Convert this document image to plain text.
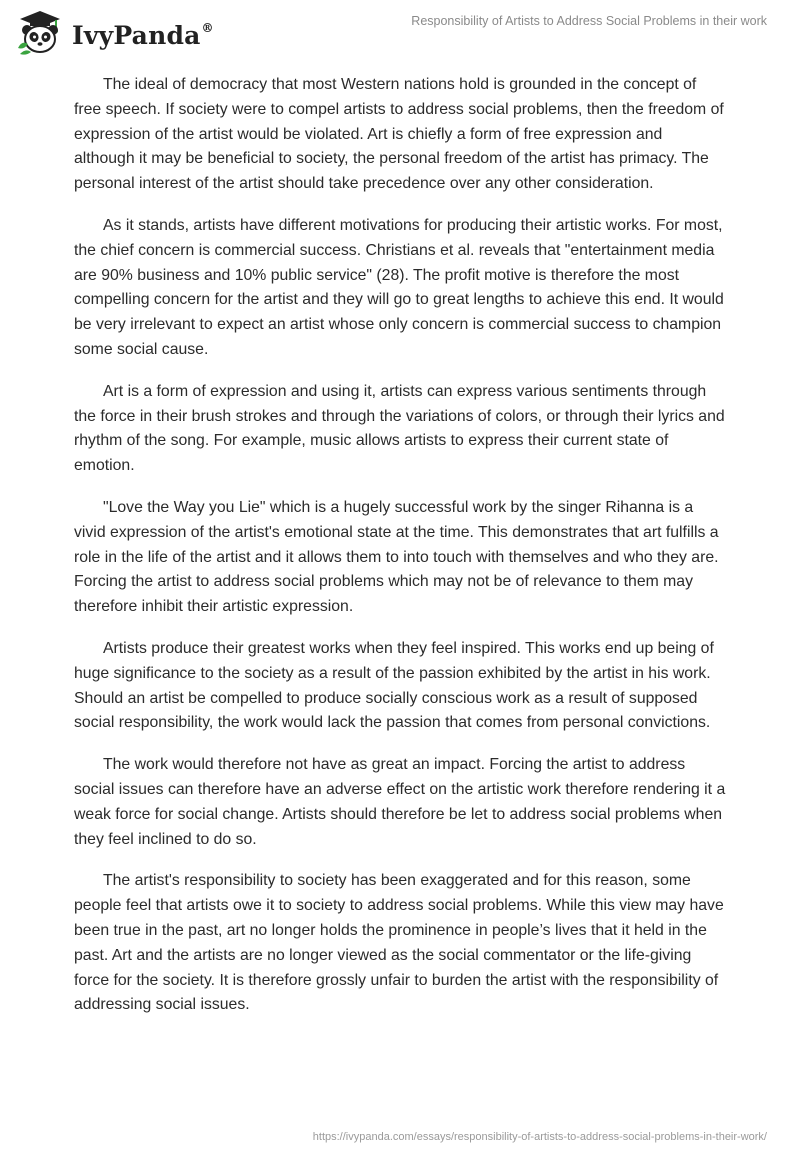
IvyPanda®	Responsibility of Artists to Address Social Problems in their work

The ideal of democracy that most Western nations hold is grounded in the concept of free speech. If society were to compel artists to address social problems, then the freedom of expression of the artist would be violated. Art is chiefly a form of free expression and although it may be beneficial to society, the personal freedom of the artist has primacy. The personal interest of the artist should take precedence over any other consideration.

As it stands, artists have different motivations for producing their artistic works. For most, the chief concern is commercial success. Christians et al. reveals that "entertainment media are 90% business and 10% public service" (28). The profit motive is therefore the most compelling concern for the artist and they will go to great lengths to achieve this end. It would be very irrelevant to expect an artist whose only concern is commercial success to champion some social cause.

Art is a form of expression and using it, artists can express various sentiments through the force in their brush strokes and through the variations of colors, or through their lyrics and rhythm of the song. For example, music allows artists to express their current state of emotion.

"Love the Way you Lie" which is a hugely successful work by the singer Rihanna is a vivid expression of the artist's emotional state at the time. This demonstrates that art fulfills a role in the life of the artist and it allows them to into touch with themselves and who they are. Forcing the artist to address social problems which may not be of relevance to them may therefore inhibit their artistic expression.

Artists produce their greatest works when they feel inspired. This works end up being of huge significance to the society as a result of the passion exhibited by the artist in his work. Should an artist be compelled to produce socially conscious work as a result of supposed social responsibility, the work would lack the passion that comes from personal convictions.

The work would therefore not have as great an impact. Forcing the artist to address social issues can therefore have an adverse effect on the artistic work therefore rendering it a weak force for social change. Artists should therefore be let to address social problems when they feel inclined to do so.

The artist's responsibility to society has been exaggerated and for this reason, some people feel that artists owe it to society to address social problems. While this view may have been true in the past, art no longer holds the prominence in people’s lives that it held in the past. Art and the artists are no longer viewed as the social commentator or the life-giving force for the society. It is therefore grossly unfair to burden the artist with the responsibility of addressing social issues.

https://ivypanda.com/essays/responsibility-of-artists-to-address-social-problems-in-their-work/
